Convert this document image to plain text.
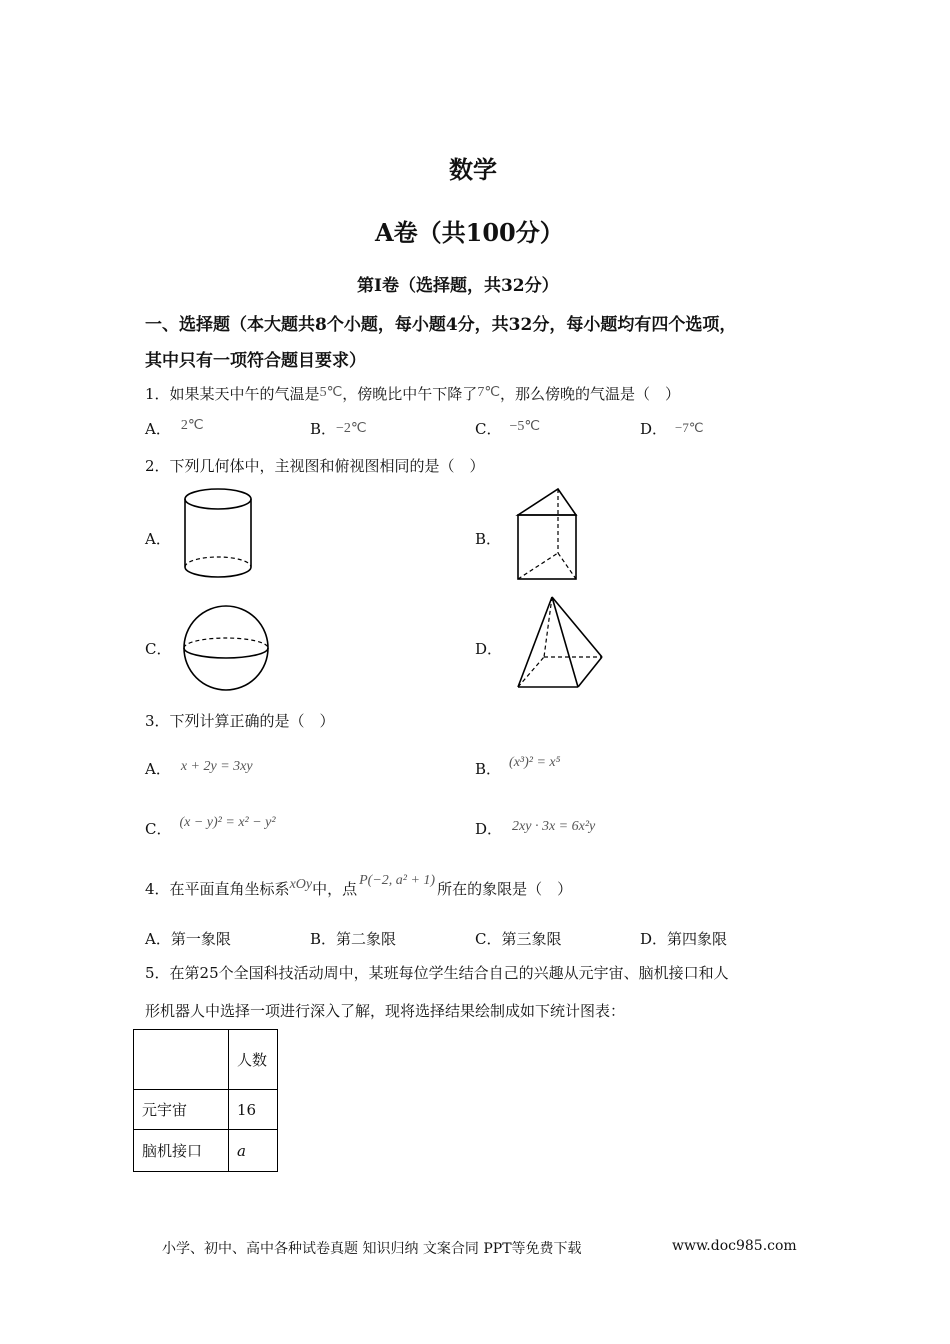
数学
A卷（共100分）
第Ⅰ卷（选择题，共32分）
一、选择题（本大题共8个小题，每小题4分，共32分，每小题均有四个选项，
其中只有一项符合题目要求）
1．如果某天中午的气温是5℃，傍晚比中午下降了7℃，那么傍晚的气温是（　）
A． 2℃	B．−2℃	C． −5℃	D． −7℃
2．下列几何体中，主视图和俯视图相同的是（　）
A．	B．
C．	D．
3．下列计算正确的是（　）
A． x + 2y = 3xy	B． (x³)² = x⁵
C． (x − y)² = x² − y²	D． 2xy · 3x = 6x²y
4．在平面直角坐标系xOy中，点 P(−2, a² + 1) 所在的象限是（　）
A．第一象限	B．第二象限	C．第三象限	D．第四象限
5．在第25个全国科技活动周中，某班每位学生结合自己的兴趣从元宇宙、脑机接口和人
形机器人中选择一项进行深入了解，现将选择结果绘制成如下统计图表：
	人数
元宇宙	16
脑机接口	a
小学、初中、高中各种试卷真题 知识归纳 文案合同 PPT等免费下载	www.doc985.com
